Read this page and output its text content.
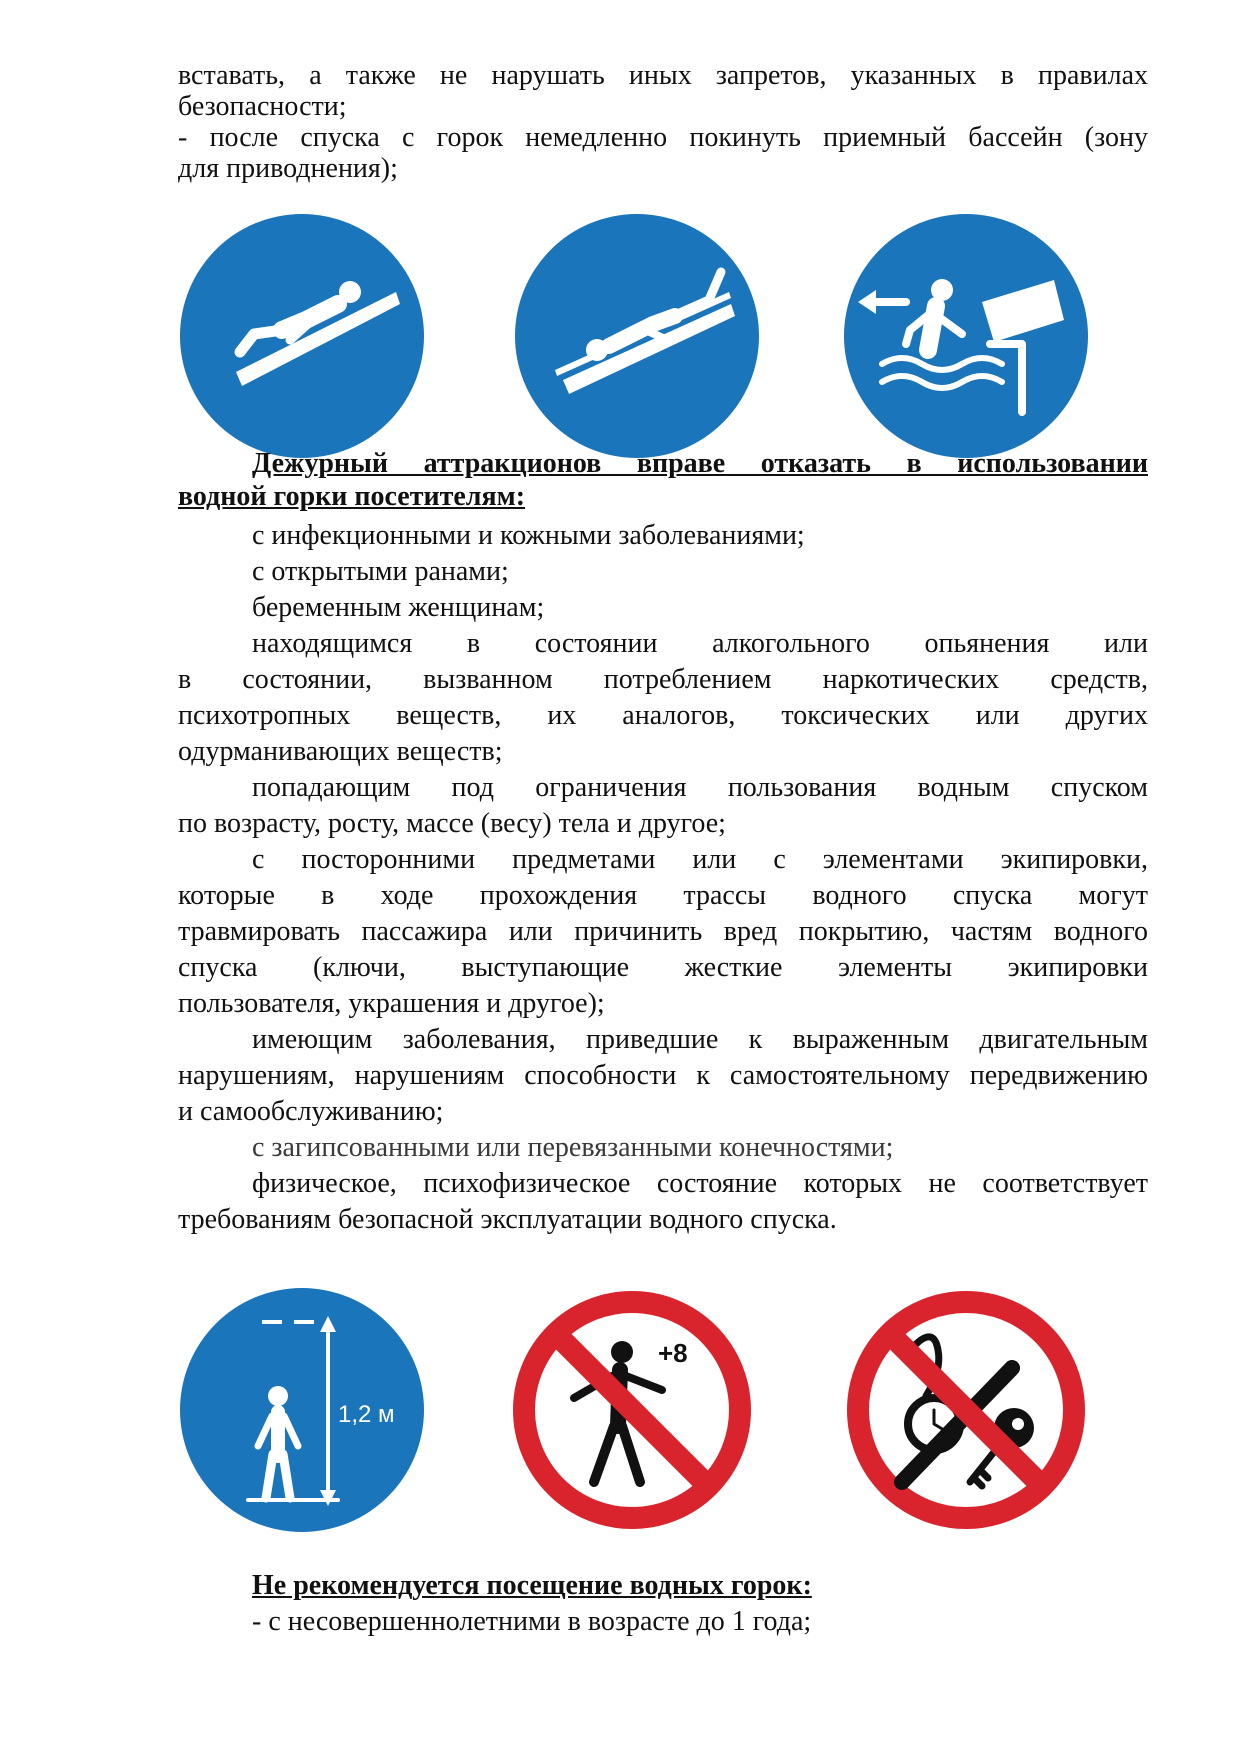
вставать, а также не нарушать иных запретов, указанных в правилах
безопасности;
- после спуска с горок немедленно покинуть приемный бассейн (зону
для приводнения);
Дежурный аттракционов вправе отказать в использовании
водной горки посетителям:
с инфекционными и кожными заболеваниями;
с открытыми ранами;
беременным женщинам;
находящимся в состоянии алкогольного опьянения или
в состоянии, вызванном потреблением наркотических средств,
психотропных веществ, их аналогов, токсических или других
одурманивающих веществ;
попадающим под ограничения пользования водным спуском
по возрасту, росту, массе (весу) тела и другое;
с посторонними предметами или с элементами экипировки,
которые в ходе прохождения трассы водного спуска могут
травмировать пассажира или причинить вред покрытию, частям водного
спуска (ключи, выступающие жесткие элементы экипировки
пользователя, украшения и другое);
имеющим заболевания, приведшие к выраженным двигательным
нарушениям, нарушениям способности к самостоятельному передвижению
и самообслуживанию;
с загипсованными или перевязанными конечностями;
физическое, психофизическое состояние которых не соответствует
требованиям безопасной эксплуатации водного спуска.
1,2 м
+8
Не рекомендуется посещение водных горок:
- с несовершеннолетними в возрасте до 1 года;
